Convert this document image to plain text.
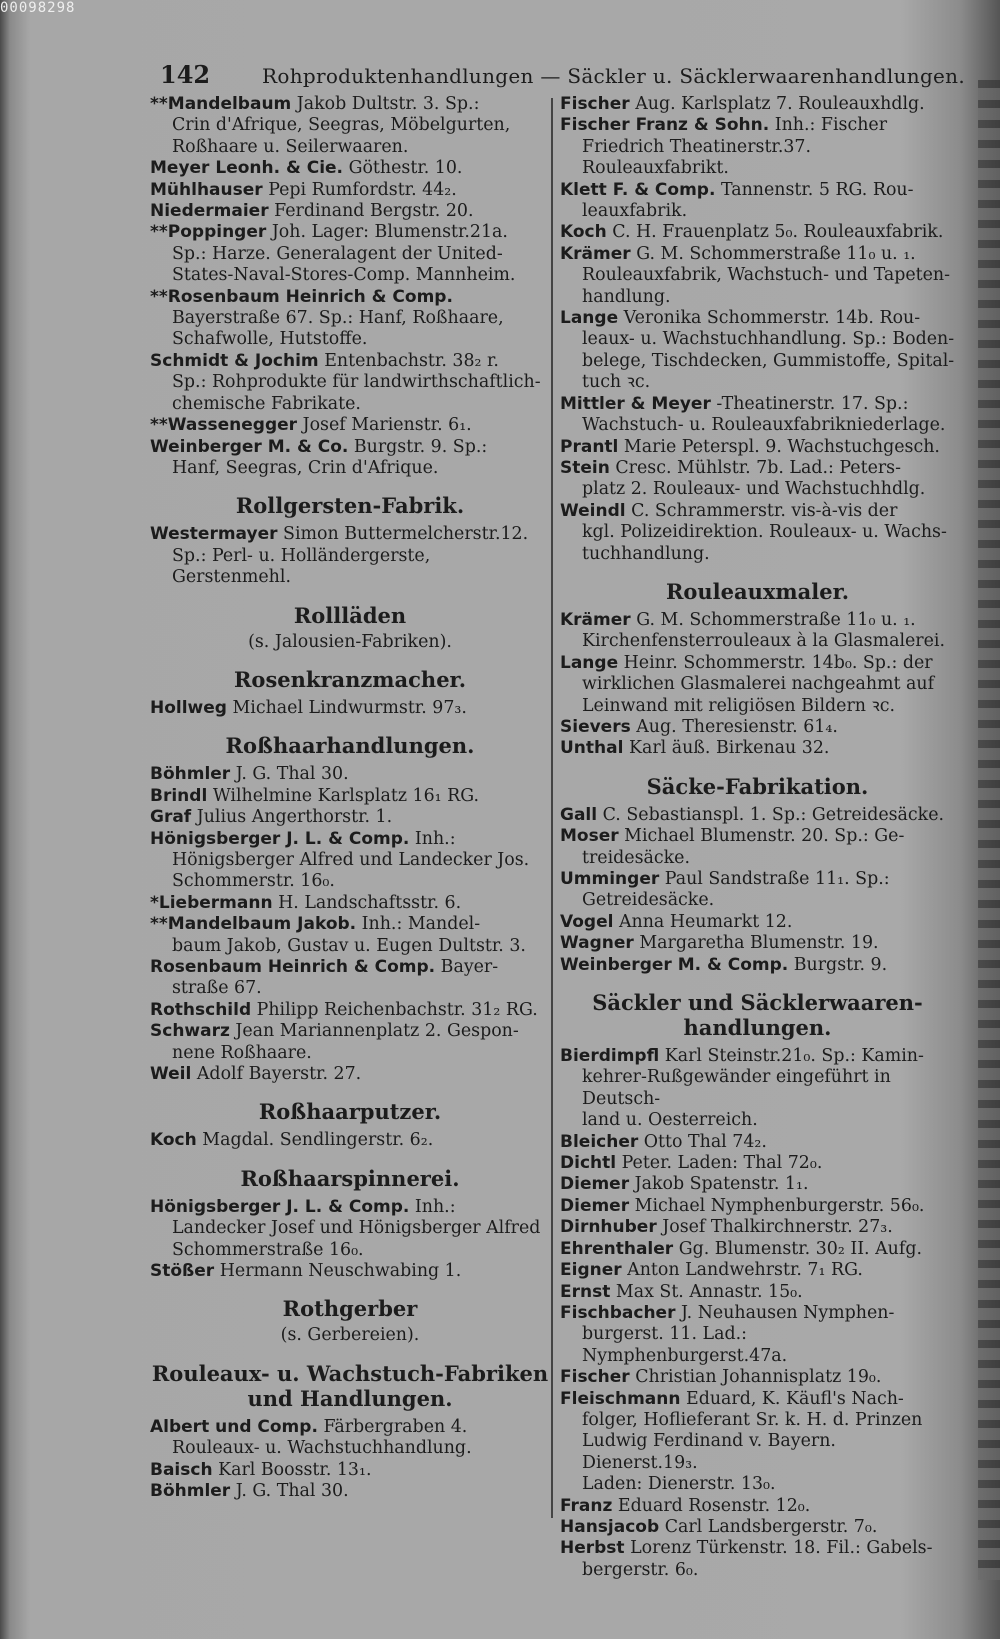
00098298
142	Rohproduktenhandlungen — Säckler u. Säcklerwaarenhandlungen.
**Mandelbaum Jakob Dultstr. 3. Sp.:
Crin d'Afrique, Seegras, Möbelgurten,
Roßhaare u. Seilerwaaren.
Meyer Leonh. & Cie. Göthestr. 10.
Mühlhauser Pepi Rumfordstr. 44₂.
Niedermaier Ferdinand Bergstr. 20.
**Poppinger Joh. Lager: Blumenstr.21a.
Sp.: Harze. Generalagent der United-
States-Naval-Stores-Comp. Mannheim.
**Rosenbaum Heinrich & Comp.
Bayerstraße 67. Sp.: Hanf, Roßhaare,
Schafwolle, Hutstoffe.
Schmidt & Jochim Entenbachstr. 38₂ r.
Sp.: Rohprodukte für landwirthschaftlich-
chemische Fabrikate.
**Wassenegger Josef Marienstr. 6₁.
Weinberger M. & Co. Burgstr. 9. Sp.:
Hanf, Seegras, Crin d'Afrique.
Rollgersten-Fabrik.
Westermayer Simon Buttermelcherstr.12.
Sp.: Perl- u. Holländergerste, Gerstenmehl.
Rollläden
(s. Jalousien-Fabriken).
Rosenkranzmacher.
Hollweg Michael Lindwurmstr. 97₃.
Roßhaarhandlungen.
Böhmler J. G. Thal 30.
Brindl Wilhelmine Karlsplatz 16₁ RG.
Graf Julius Angerthorstr. 1.
Hönigsberger J. L. & Comp. Inh.:
Hönigsberger Alfred und Landecker Jos.
Schommerstr. 16₀.
*Liebermann H. Landschaftsstr. 6.
**Mandelbaum Jakob. Inh.: Mandel-
baum Jakob, Gustav u. Eugen Dultstr. 3.
Rosenbaum Heinrich & Comp. Bayer-
straße 67.
Rothschild Philipp Reichenbachstr. 31₂ RG.
Schwarz Jean Mariannenplatz 2. Gespon-
nene Roßhaare.
Weil Adolf Bayerstr. 27.
Roßhaarputzer.
Koch Magdal. Sendlingerstr. 6₂.
Roßhaarspinnerei.
Hönigsberger J. L. & Comp. Inh.:
Landecker Josef und Hönigsberger Alfred
Schommerstraße 16₀.
Stößer Hermann Neuschwabing 1.
Rothgerber
(s. Gerbereien).
Rouleaux- u. Wachstuch-Fabriken und Handlungen.
Albert und Comp. Färbergraben 4.
Rouleaux- u. Wachstuchhandlung.
Baisch Karl Boosstr. 13₁.
Böhmler J. G. Thal 30.
Fischer Aug. Karlsplatz 7. Rouleauxhdlg.
Fischer Franz & Sohn. Inh.: Fischer
Friedrich Theatinerstr.37. Rouleauxfabrikt.
Klett F. & Comp. Tannenstr. 5 RG. Rou-
leauxfabrik.
Koch C. H. Frauenplatz 5₀. Rouleauxfabrik.
Krämer G. M. Schommerstraße 11₀ u. ₁.
Rouleauxfabrik, Wachstuch- und Tapeten-
handlung.
Lange Veronika Schommerstr. 14b. Rou-
leaux- u. Wachstuchhandlung. Sp.: Boden-
belege, Tischdecken, Gummistoffe, Spital-
tuch ꝛc.
Mittler & Meyer -Theatinerstr. 17. Sp.:
Wachstuch- u. Rouleauxfabrikniederlage.
Prantl Marie Peterspl. 9. Wachstuchgesch.
Stein Cresc. Mühlstr. 7b. Lad.: Peters-
platz 2. Rouleaux- und Wachstuchhdlg.
Weindl C. Schrammerstr. vis-à-vis der
kgl. Polizeidirektion. Rouleaux- u. Wachs-
tuchhandlung.
Rouleauxmaler.
Krämer G. M. Schommerstraße 11₀ u. ₁.
Kirchenfensterrouleaux à la Glasmalerei.
Lange Heinr. Schommerstr. 14b₀. Sp.: der
wirklichen Glasmalerei nachgeahmt auf
Leinwand mit religiösen Bildern ꝛc.
Sievers Aug. Theresienstr. 61₄.
Unthal Karl äuß. Birkenau 32.
Säcke-Fabrikation.
Gall C. Sebastianspl. 1. Sp.: Getreidesäcke.
Moser Michael Blumenstr. 20. Sp.: Ge-
treidesäcke.
Umminger Paul Sandstraße 11₁. Sp.:
Getreidesäcke.
Vogel Anna Heumarkt 12.
Wagner Margaretha Blumenstr. 19.
Weinberger M. & Comp. Burgstr. 9.
Säckler und Säcklerwaaren-handlungen.
Bierdimpfl Karl Steinstr.21₀. Sp.: Kamin-
kehrer-Rußgewänder eingeführt in Deutsch-
land u. Oesterreich.
Bleicher Otto Thal 74₂.
Dichtl Peter. Laden: Thal 72₀.
Diemer Jakob Spatenstr. 1₁.
Diemer Michael Nymphenburgerstr. 56₀.
Dirnhuber Josef Thalkirchnerstr. 27₃.
Ehrenthaler Gg. Blumenstr. 30₂ II. Aufg.
Eigner Anton Landwehrstr. 7₁ RG.
Ernst Max St. Annastr. 15₀.
Fischbacher J. Neuhausen Nymphen-
burgerst. 11. Lad.: Nymphenburgerst.47a.
Fischer Christian Johannisplatz 19₀.
Fleischmann Eduard, K. Käufl's Nach-
folger, Hoflieferant Sr. k. H. d. Prinzen
Ludwig Ferdinand v. Bayern. Dienerst.19₃.
Laden: Dienerstr. 13₀.
Franz Eduard Rosenstr. 12₀.
Hansjacob Carl Landsbergerstr. 7₀.
Herbst Lorenz Türkenstr. 18. Fil.: Gabels-
bergerstr. 6₀.
